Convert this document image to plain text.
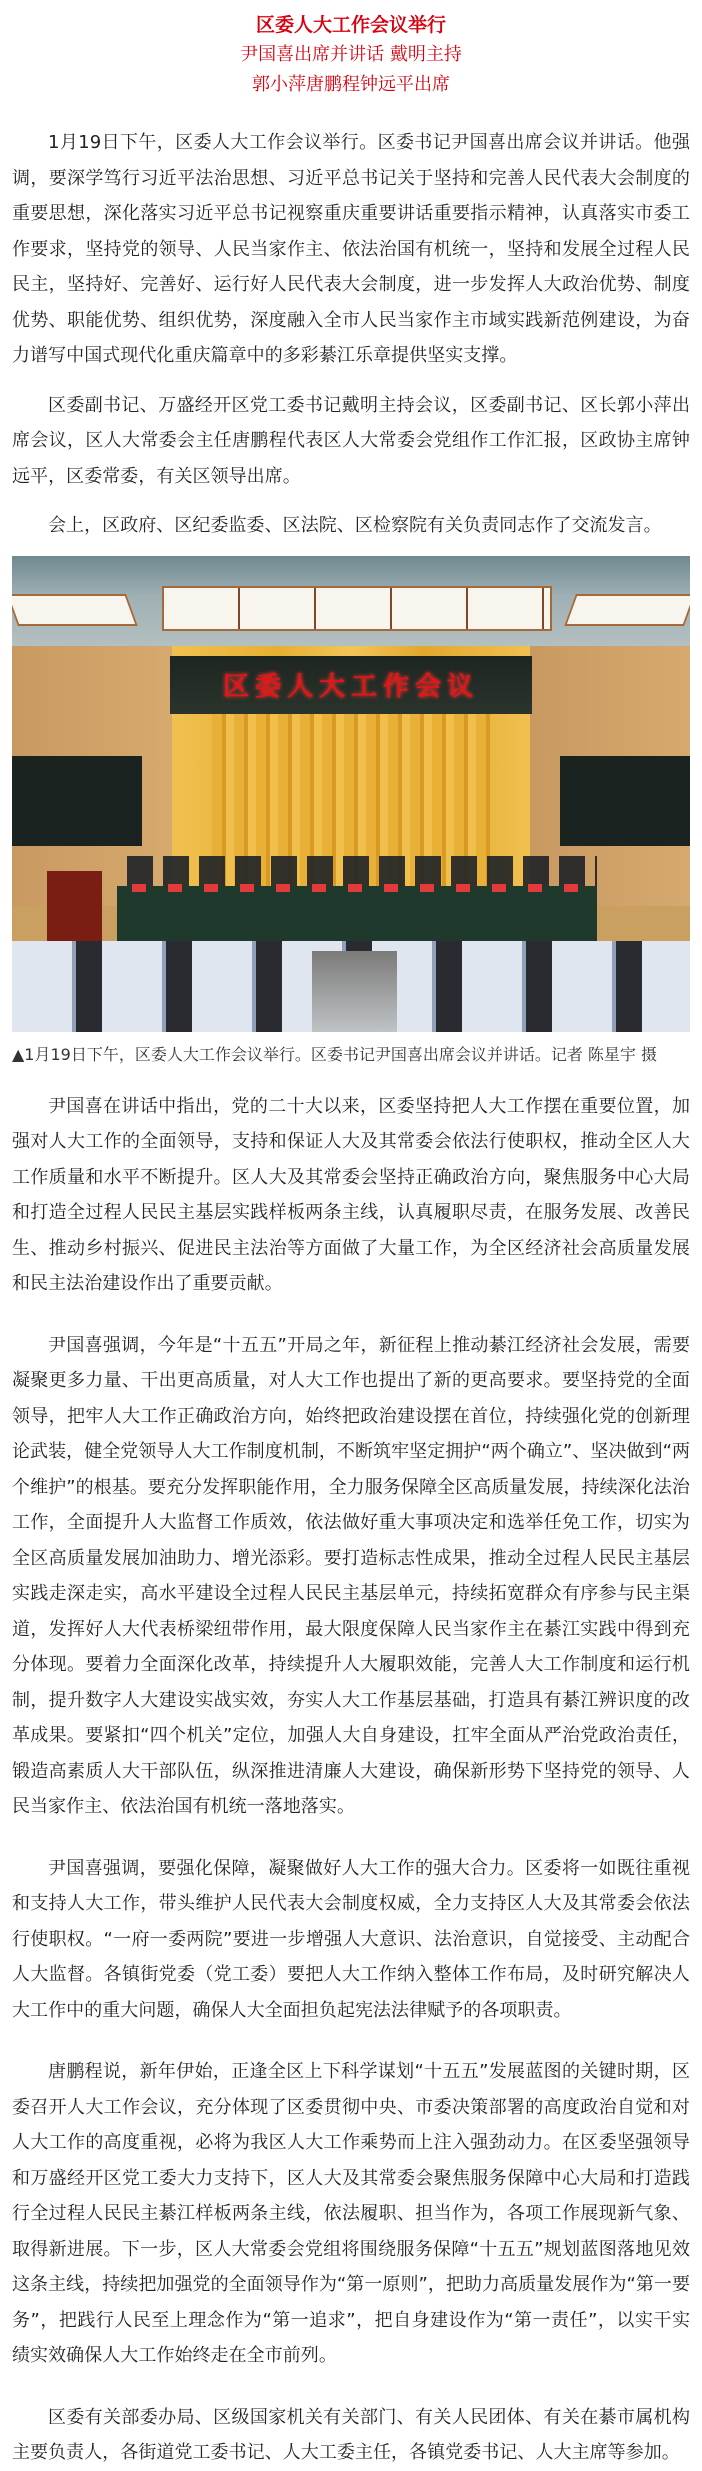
区委人大工作会议举行
尹国喜出席并讲话 戴明主持
郭小萍唐鹏程钟远平出席

1月19日下午，区委人大工作会议举行。区委书记尹国喜出席会议并讲话。他强调，要深学笃行习近平法治思想、习近平总书记关于坚持和完善人民代表大会制度的重要思想，深化落实习近平总书记视察重庆重要讲话重要指示精神，认真落实市委工作要求，坚持党的领导、人民当家作主、依法治国有机统一，坚持和发展全过程人民民主，坚持好、完善好、运行好人民代表大会制度，进一步发挥人大政治优势、制度优势、职能优势、组织优势，深度融入全市人民当家作主市域实践新范例建设，为奋力谱写中国式现代化重庆篇章中的多彩綦江乐章提供坚实支撑。

区委副书记、万盛经开区党工委书记戴明主持会议，区委副书记、区长郭小萍出席会议，区人大常委会主任唐鹏程代表区人大常委会党组作工作汇报，区政协主席钟远平，区委常委，有关区领导出席。

会上，区政府、区纪委监委、区法院、区检察院有关负责同志作了交流发言。

区委人大工作会议
▲1月19日下午，区委人大工作会议举行。区委书记尹国喜出席会议并讲话。记者 陈星宇 摄

尹国喜在讲话中指出，党的二十大以来，区委坚持把人大工作摆在重要位置，加强对人大工作的全面领导，支持和保证人大及其常委会依法行使职权，推动全区人大工作质量和水平不断提升。区人大及其常委会坚持正确政治方向，聚焦服务中心大局和打造全过程人民民主基层实践样板两条主线，认真履职尽责，在服务发展、改善民生、推动乡村振兴、促进民主法治等方面做了大量工作，为全区经济社会高质量发展和民主法治建设作出了重要贡献。

尹国喜强调，今年是“十五五”开局之年，新征程上推动綦江经济社会发展，需要凝聚更多力量、干出更高质量，对人大工作也提出了新的更高要求。要坚持党的全面领导，把牢人大工作正确政治方向，始终把政治建设摆在首位，持续强化党的创新理论武装，健全党领导人大工作制度机制，不断筑牢坚定拥护“两个确立”、坚决做到“两个维护”的根基。要充分发挥职能作用，全力服务保障全区高质量发展，持续深化法治工作，全面提升人大监督工作质效，依法做好重大事项决定和选举任免工作，切实为全区高质量发展加油助力、增光添彩。要打造标志性成果，推动全过程人民民主基层实践走深走实，高水平建设全过程人民民主基层单元，持续拓宽群众有序参与民主渠道，发挥好人大代表桥梁纽带作用，最大限度保障人民当家作主在綦江实践中得到充分体现。要着力全面深化改革，持续提升人大履职效能，完善人大工作制度和运行机制，提升数字人大建设实战实效，夯实人大工作基层基础，打造具有綦江辨识度的改革成果。要紧扣“四个机关”定位，加强人大自身建设，扛牢全面从严治党政治责任，锻造高素质人大干部队伍，纵深推进清廉人大建设，确保新形势下坚持党的领导、人民当家作主、依法治国有机统一落地落实。

尹国喜强调，要强化保障，凝聚做好人大工作的强大合力。区委将一如既往重视和支持人大工作，带头维护人民代表大会制度权威，全力支持区人大及其常委会依法行使职权。“一府一委两院”要进一步增强人大意识、法治意识，自觉接受、主动配合人大监督。各镇街党委（党工委）要把人大工作纳入整体工作布局，及时研究解决人大工作中的重大问题，确保人大全面担负起宪法法律赋予的各项职责。

唐鹏程说，新年伊始，正逢全区上下科学谋划“十五五”发展蓝图的关键时期，区委召开人大工作会议，充分体现了区委贯彻中央、市委决策部署的高度政治自觉和对人大工作的高度重视，必将为我区人大工作乘势而上注入强劲动力。在区委坚强领导和万盛经开区党工委大力支持下，区人大及其常委会聚焦服务保障中心大局和打造践行全过程人民民主綦江样板两条主线，依法履职、担当作为，各项工作展现新气象、取得新进展。下一步，区人大常委会党组将围绕服务保障“十五五”规划蓝图落地见效这条主线，持续把加强党的全面领导作为“第一原则”，把助力高质量发展作为“第一要务”，把践行人民至上理念作为“第一追求”，把自身建设作为“第一责任”，以实干实绩实效确保人大工作始终走在全市前列。

区委有关部委办局、区级国家机关有关部门、有关人民团体、有关在綦市属机构主要负责人，各街道党工委书记、人大工委主任，各镇党委书记、人大主席等参加。
